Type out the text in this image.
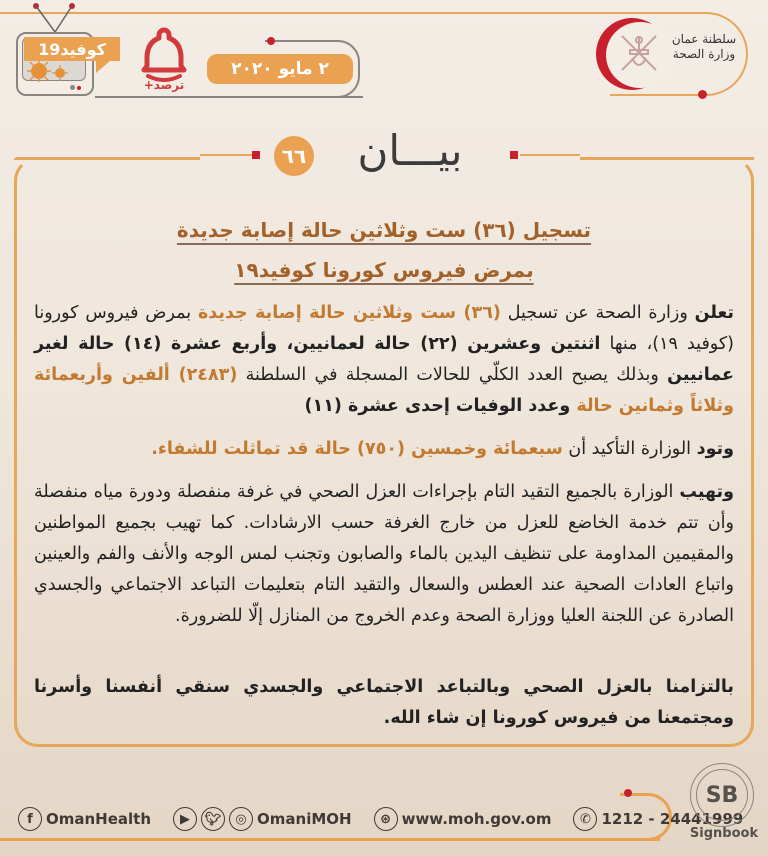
سلطنة عمان
وزارة الصحة
٢ مايو ٢٠٢٠
ترصد+
كوفيد19
٦٦	بيـــان
تسجيل (٣٦) ست وثلاثين حالة إصابة جديدة
بمرض فيروس كورونا كوفيد١٩
تعلن وزارة الصحة عن تسجيل (٣٦) ست وثلاثين حالة إصابة جديدة بمرض فيروس كورونا (كوفيد ١٩)، منها اثنتين وعشرين (٢٢) حالة لعمانيين، وأربع عشرة (١٤) حالة لغير عمانيين وبذلك يصبح العدد الكلّي للحالات المسجلة في السلطنة (٢٤٨٣) ألفين وأربعمائة وثلاثاً وثمانين حالة وعدد الوفيات إحدى عشرة (١١)
وتود الوزارة التأكيد أن سبعمائة وخمسين (٧٥٠) حالة قد تماثلت للشفاء.
وتهيب الوزارة بالجميع التقيد التام بإجراءات العزل الصحي في غرفة منفصلة ودورة مياه منفصلة وأن تتم خدمة الخاضع للعزل من خارج الغرفة حسب الارشادات. كما تهيب بجميع المواطنين والمقيمين المداومة على تنظيف اليدين بالماء والصابون وتجنب لمس الوجه والأنف والفم والعينين واتباع العادات الصحية عند العطس والسعال والتقيد التام بتعليمات التباعد الاجتماعي والجسدي الصادرة عن اللجنة العليا ووزارة الصحة وعدم الخروج من المنازل إلّا للضرورة.
بالتزامنا بالعزل الصحي وبالتباعد الاجتماعي والجسدي سنقي أنفسنا وأسرنا ومجتمعنا من فيروس كورونا إن شاء الله.
f OmanHealth	▶	🐦︎	◎ OmaniMOH	⊛ www.moh.gov.om	✆ 1212 - 24441999
SB
Signbook
